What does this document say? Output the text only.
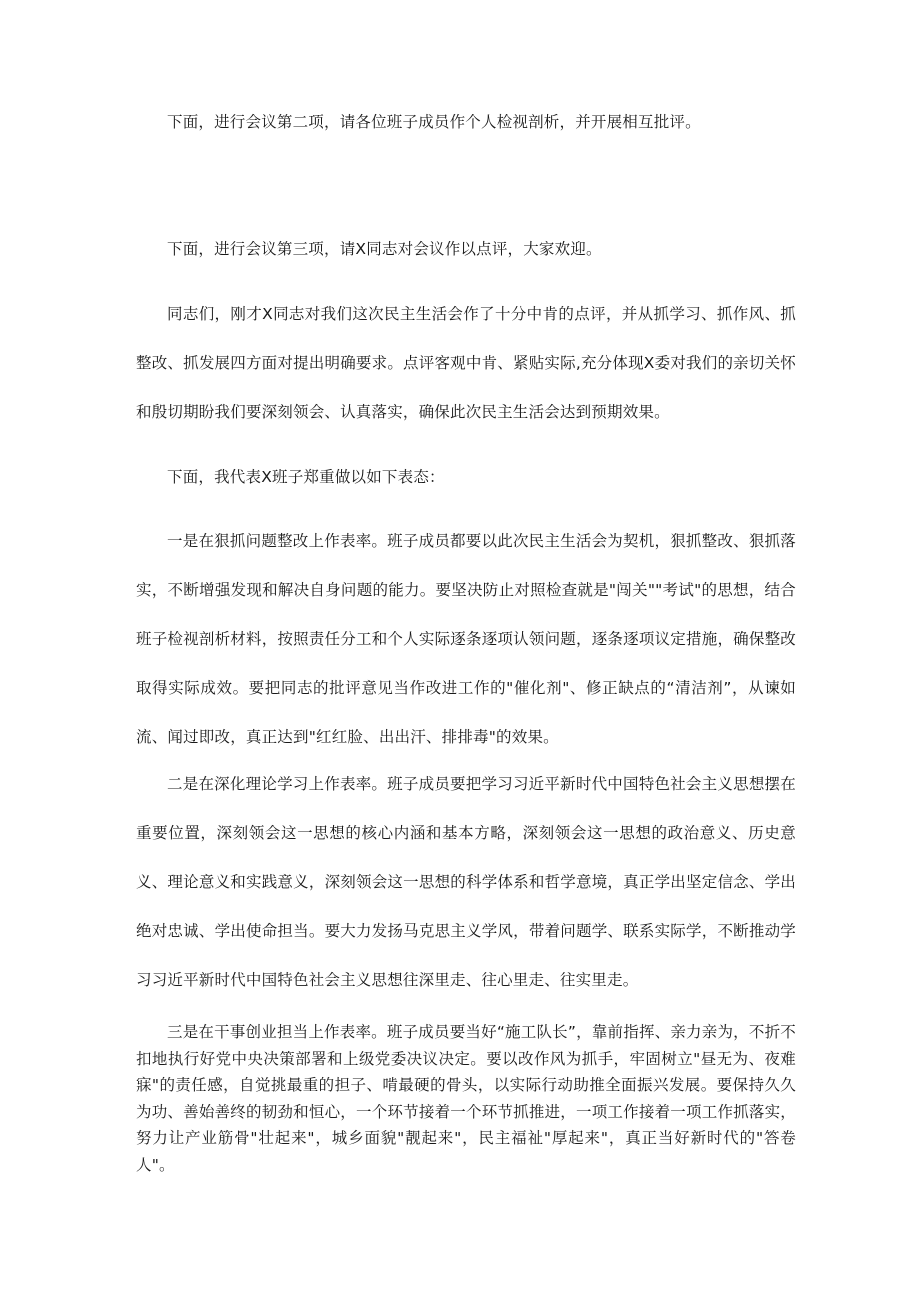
下面，进行会议第二项，请各位班子成员作个人检视剖析，并开展相互批评。

下面，进行会议第三项，请X同志对会议作以点评，大家欢迎。

同志们，刚才X同志对我们这次民主生活会作了十分中肯的点评，并从抓学习、抓作风、抓整改、抓发展四方面对提出明确要求。点评客观中肯、紧贴实际,充分体现X委对我们的亲切关怀和殷切期盼我们要深刻领会、认真落实，确保此次民主生活会达到预期效果。

下面，我代表X班子郑重做以如下表态：

一是在狠抓问题整改上作表率。班子成员都要以此次民主生活会为契机，狠抓整改、狠抓落实，不断增强发现和解决自身问题的能力。要坚决防止对照检查就是"闯关""考试"的思想，结合班子检视剖析材料，按照责任分工和个人实际逐条逐项认领问题，逐条逐项议定措施，确保整改取得实际成效。要把同志的批评意见当作改进工作的"催化剂"、修正缺点的“清洁剂”，从谏如流、闻过即改，真正达到"红红脸、出出汗、排排毒"的效果。

二是在深化理论学习上作表率。班子成员要把学习习近平新时代中国特色社会主义思想摆在重要位置，深刻领会这一思想的核心内涵和基本方略，深刻领会这一思想的政治意义、历史意义、理论意义和实践意义，深刻领会这一思想的科学体系和哲学意境，真正学出坚定信念、学出绝对忠诚、学出使命担当。要大力发扬马克思主义学风，带着问题学、联系实际学，不断推动学习习近平新时代中国特色社会主义思想往深里走、往心里走、往实里走。

三是在干事创业担当上作表率。班子成员要当好“施工队长”，靠前指挥、亲力亲为，不折不扣地执行好党中央决策部署和上级党委决议决定。要以改作风为抓手，牢固树立"昼无为、夜难寐"的责任感，自觉挑最重的担子、啃最硬的骨头，以实际行动助推全面振兴发展。要保持久久为功、善始善终的韧劲和恒心，一个环节接着一个环节抓推进，一项工作接着一项工作抓落实，努力让产业筋骨"壮起来"，城乡面貌"靓起来"，民主福祉"厚起来"，真正当好新时代的"答卷人"。
